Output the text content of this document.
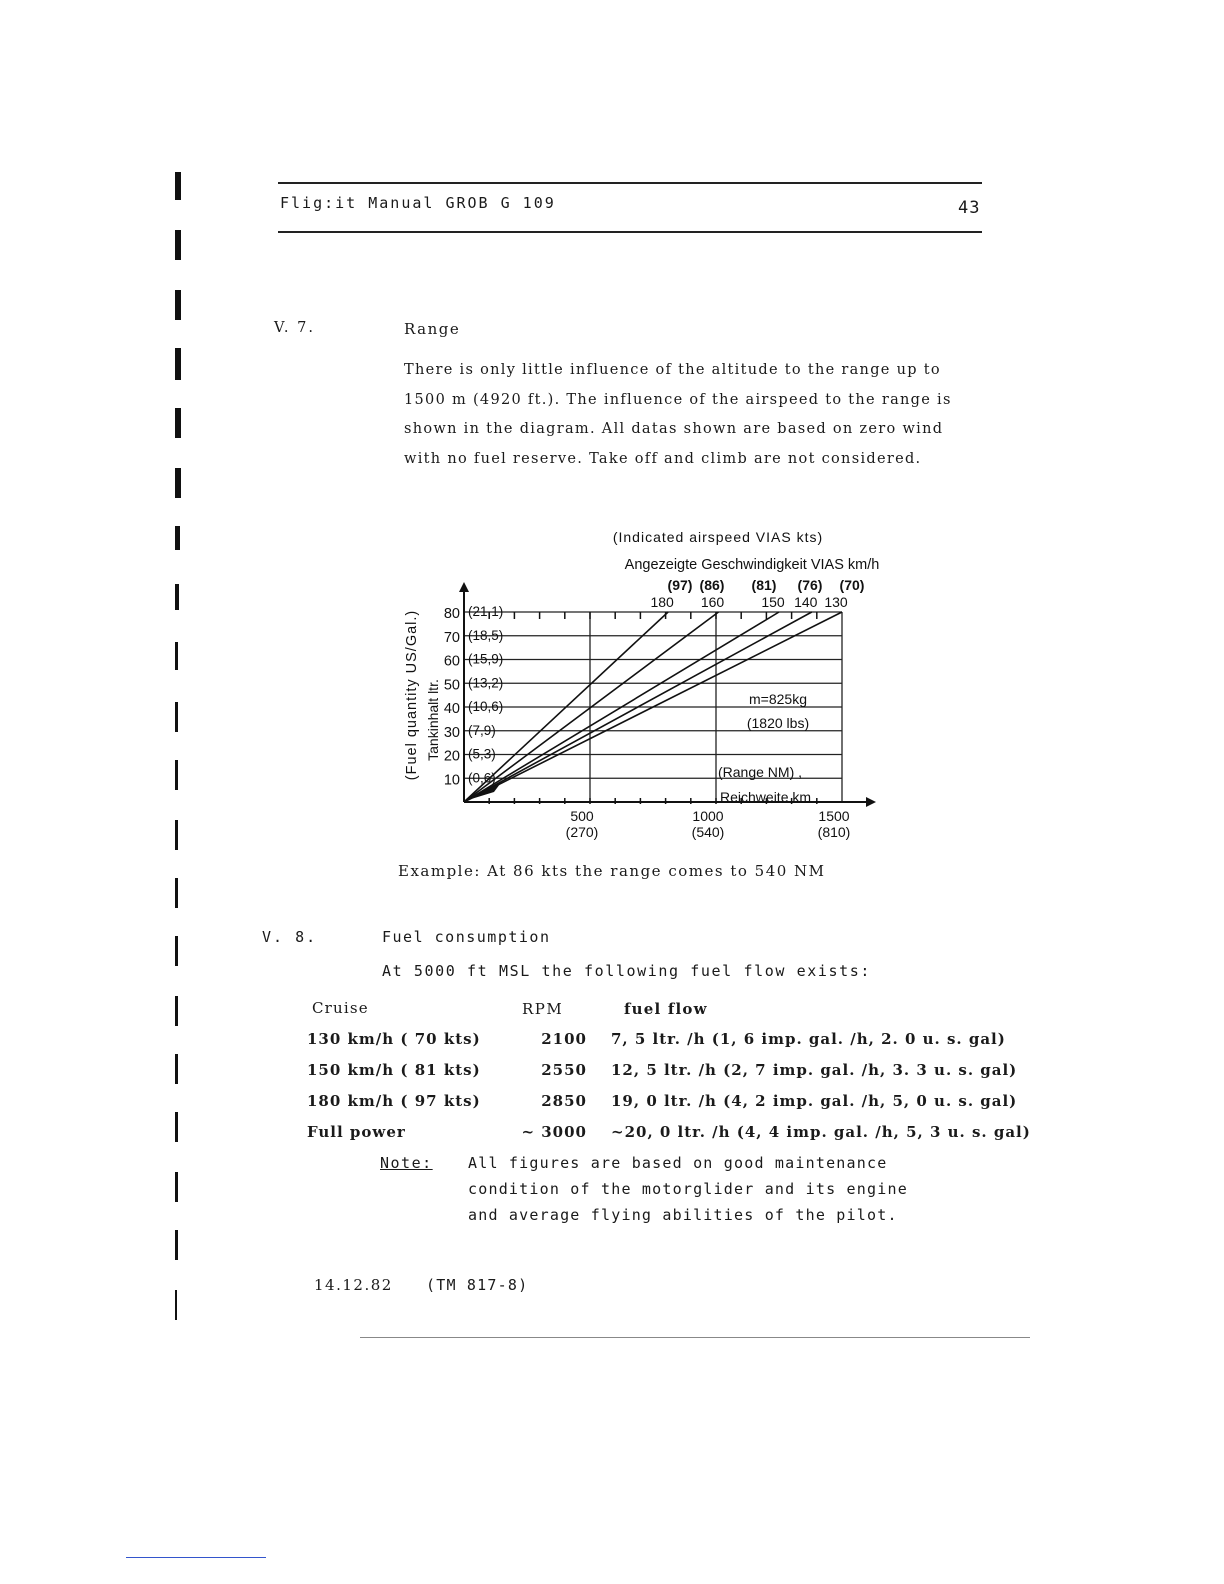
Flig:it Manual GROB G 109	43
V. 7.	Range

There is only little influence of the altitude to the range up to 1500 m (4920 ft.). The influence of the airspeed to the range is shown in the diagram. All datas shown are based on zero wind with no fuel reserve. Take off and climb are not considered.

180
(97)
160
(86)
150
(81)
140
(76)
130
(70)
(Indicated airspeed VIAS kts)
Angezeigte Geschwindigkeit VIAS km/h
10 (0,6)
20 (5,3)
30 (7,9)
40 (10,6)
50 (13,2)
60 (15,9)
70 (18,5)
80 (21,1)
500
(270)
1000
(540)
1500
(810)
(Fuel quantity US/Gal.) Tankinhalt ltr.	m=825kg
(1820 lbs)
(Range NM) ,
Reichweite km
Example: At 86 kts the range comes to 540 NM
V. 8.	Fuel consumption
At 5000 ft MSL the following fuel flow exists:
Cruise	RPM	fuel flow
130 km/h ( 70 kts)	2100	7, 5 ltr. /h (1, 6 imp. gal. /h, 2. 0 u. s. gal)
150 km/h ( 81 kts)	2550	12, 5 ltr. /h (2, 7 imp. gal. /h, 3. 3 u. s. gal)
180 km/h ( 97 kts)	2850	19, 0 ltr. /h (4, 2 imp. gal. /h, 5, 0 u. s. gal)
Full power	~ 3000	~20, 0 ltr. /h (4, 4 imp. gal. /h, 5, 3 u. s. gal)
Note: All figures are based on good maintenance
condition of the motorglider and its engine
and average flying abilities of the pilot.
14.12.82 (TM 817-8)
